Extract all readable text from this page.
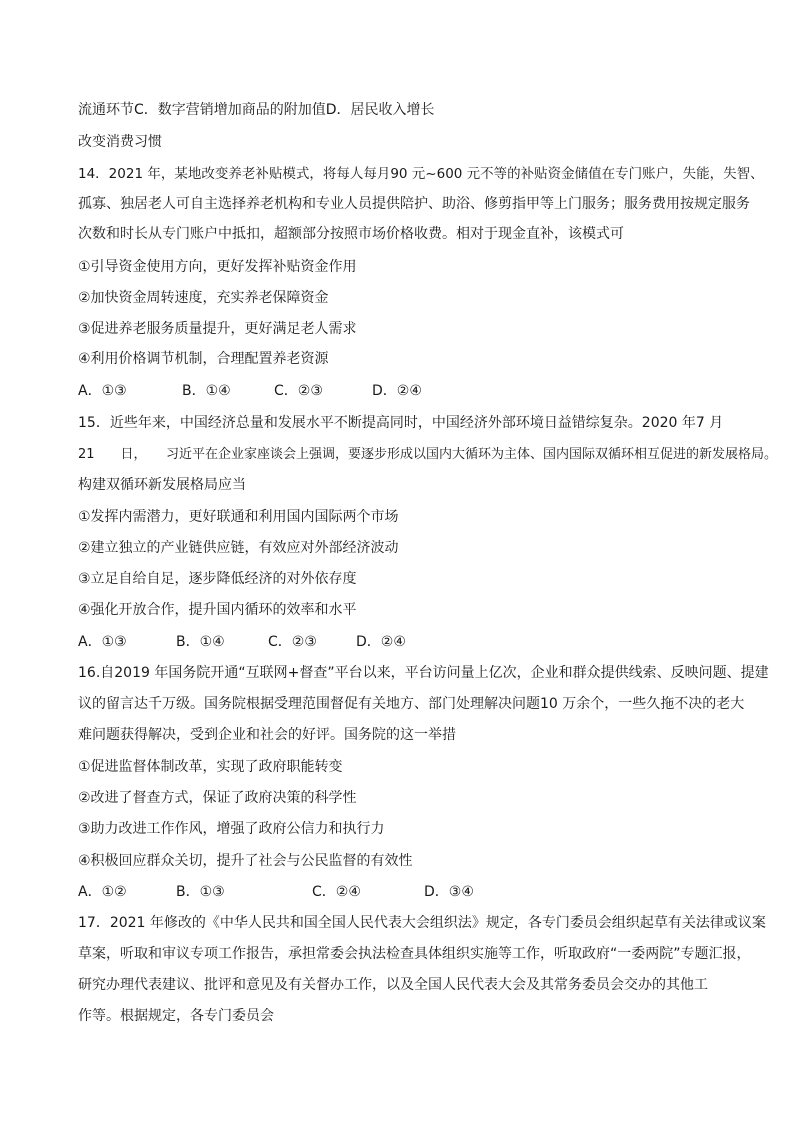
流通环节C．数字营销增加商品的附加值D．居民收入增长
改变消费习惯
14．2021 年，某地改变养老补贴模式，将每人每月90 元~600 元不等的补贴资金储值在专门账户，失能，失智、
孤寡、独居老人可自主选择养老机构和专业人员提供陪护、助浴、修剪指甲等上门服务；服务费用按规定服务
次数和时长从专门账户中抵扣，超额部分按照市场价格收费。相对于现金直补，该模式可
①引导资金使用方向，更好发挥补贴资金作用
②加快资金周转速度，充实养老保障资金
③促进养老服务质量提升，更好满足老人需求
④利用价格调节机制，合理配置养老资源
A．①③	B．①④	C．②③	D．②④
15．近些年来，中国经济总量和发展水平不断提高同时，中国经济外部环境日益错综复杂。2020 年7 月
21　　日，　　习近平在企业家座谈会上强调，要逐步形成以国内大循环为主体、国内国际双循环相互促进的新发展格局。
构建双循环新发展格局应当
①发挥内需潜力，更好联通和利用国内国际两个市场
②建立独立的产业链供应链，有效应对外部经济波动
③立足自给自足，逐步降低经济的对外依存度
④强化开放合作，提升国内循环的效率和水平
A．①③	B．①④	C．②③	D．②④
16.自2019 年国务院开通“互联网+督查”平台以来，平台访问量上亿次，企业和群众提供线索、反映问题、提建
议的留言达千万级。国务院根据受理范围督促有关地方、部门处理解决问题10 万余个，一些久拖不决的老大
难问题获得解决，受到企业和社会的好评。国务院的这一举措
①促进监督体制改革，实现了政府职能转变
②改进了督查方式，保证了政府决策的科学性
③助力改进工作作风，增强了政府公信力和执行力
④积极回应群众关切，提升了社会与公民监督的有效性
A．①②	B．①③	C．②④	D．③④
17．2021 年修改的《中华人民共和国全国人民代表大会组织法》规定，各专门委员会组织起草有关法律或议案
草案，听取和审议专项工作报告，承担常委会执法检查具体组织实施等工作，听取政府“一委两院”专题汇报，
研究办理代表建议、批评和意见及有关督办工作，以及全国人民代表大会及其常务委员会交办的其他工
作等。根据规定，各专门委员会
